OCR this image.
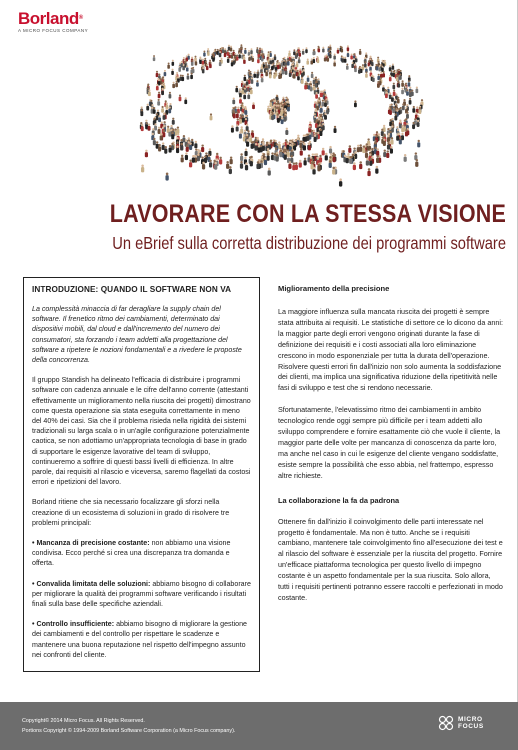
Borland®
A MICRO FOCUS COMPANY
LAVORARE CON LA STESSA VISIONE
Un eBrief sulla corretta distribuzione dei programmi software
INTRODUZIONE: QUANDO IL SOFTWARE NON VA

La complessità minaccia di far deragliare la supply chain del software. Il frenetico ritmo dei cambiamenti, determinato dai dispositivi mobili, dal cloud e dall'incremento del numero dei consumatori, sta forzando i team addetti alla progettazione del software a ripetere le nozioni fondamentali e a rivedere le proposte della concorrenza.

Il gruppo Standish ha delineato l'efficacia di distribuire i programmi software con cadenza annuale e le cifre dell'anno corrente (attestanti effettivamente un miglioramento nella riuscita dei progetti) dimostrano come questa operazione sia stata eseguita correttamente in meno del 40% dei casi. Sia che il problema risieda nella rigidità dei sistemi tradizionali su larga scala o in un'agile configurazione potenzialmente caotica, se non adottiamo un'appropriata tecnologia di base in grado di supportare le esigenze lavorative del team di sviluppo, continueremo a soffrire di questi bassi livelli di efficienza. In altre parole, dai requisiti al rilascio e viceversa, saremo flagellati da costosi errori e ripetizioni del lavoro.

Borland ritiene che sia necessario focalizzare gli sforzi nella creazione di un ecosistema di soluzioni in grado di risolvere tre problemi principali:

• Mancanza di precisione costante: non abbiamo una visione condivisa. Ecco perché si crea una discrepanza tra domanda e offerta.

• Convalida limitata delle soluzioni: abbiamo bisogno di collaborare per migliorare la qualità dei programmi software verificando i risultati finali sulla base delle specifiche aziendali.

• Controllo insufficiente: abbiamo bisogno di migliorare la gestione dei cambiamenti e del controllo per rispettare le scadenze e mantenere una buona reputazione nel rispetto dell'impegno assunto nei confronti del cliente.

Miglioramento della precisione

La maggiore influenza sulla mancata riuscita dei progetti è sempre stata attribuita ai requisiti. Le statistiche di settore ce lo dicono da anni: la maggior parte degli errori vengono originati durante la fase di definizione dei requisiti e i costi associati alla loro eliminazione crescono in modo esponenziale per tutta la durata dell'operazione. Risolvere questi errori fin dall'inizio non solo aumenta la soddisfazione dei clienti, ma implica una significativa riduzione della ripetitività nelle fasi di sviluppo e test che si rendono necessarie.

Sfortunatamente, l'elevatissimo ritmo dei cambiamenti in ambito tecnologico rende oggi sempre più difficile per i team addetti allo sviluppo comprendere e fornire esattamente ciò che vuole il cliente, la maggior parte delle volte per mancanza di conoscenza da parte loro, ma anche nel caso in cui le esigenze del cliente vengano soddisfatte, esiste sempre la possibilità che esso abbia, nel frattempo, espresso altre richieste.

La collaborazione la fa da padrona

Ottenere fin dall'inizio il coinvolgimento delle parti interessate nel progetto è fondamentale. Ma non è tutto. Anche se i requisiti cambiano, mantenere tale coinvolgimento fino all'esecuzione dei test e al rilascio del software è essenziale per la riuscita del progetto. Fornire un'efficace piattaforma tecnologica per questo livello di impegno costante è un aspetto fondamentale per la sua riuscita. Solo allora, tutti i requisiti pertinenti potranno essere raccolti e perfezionati in modo costante.

Copyright© 2014 Micro Focus. All Rights Reserved.
Portions Copyright © 1994-2009 Borland Software Corporation (a Micro Focus company).
MICRO
FOCUS
